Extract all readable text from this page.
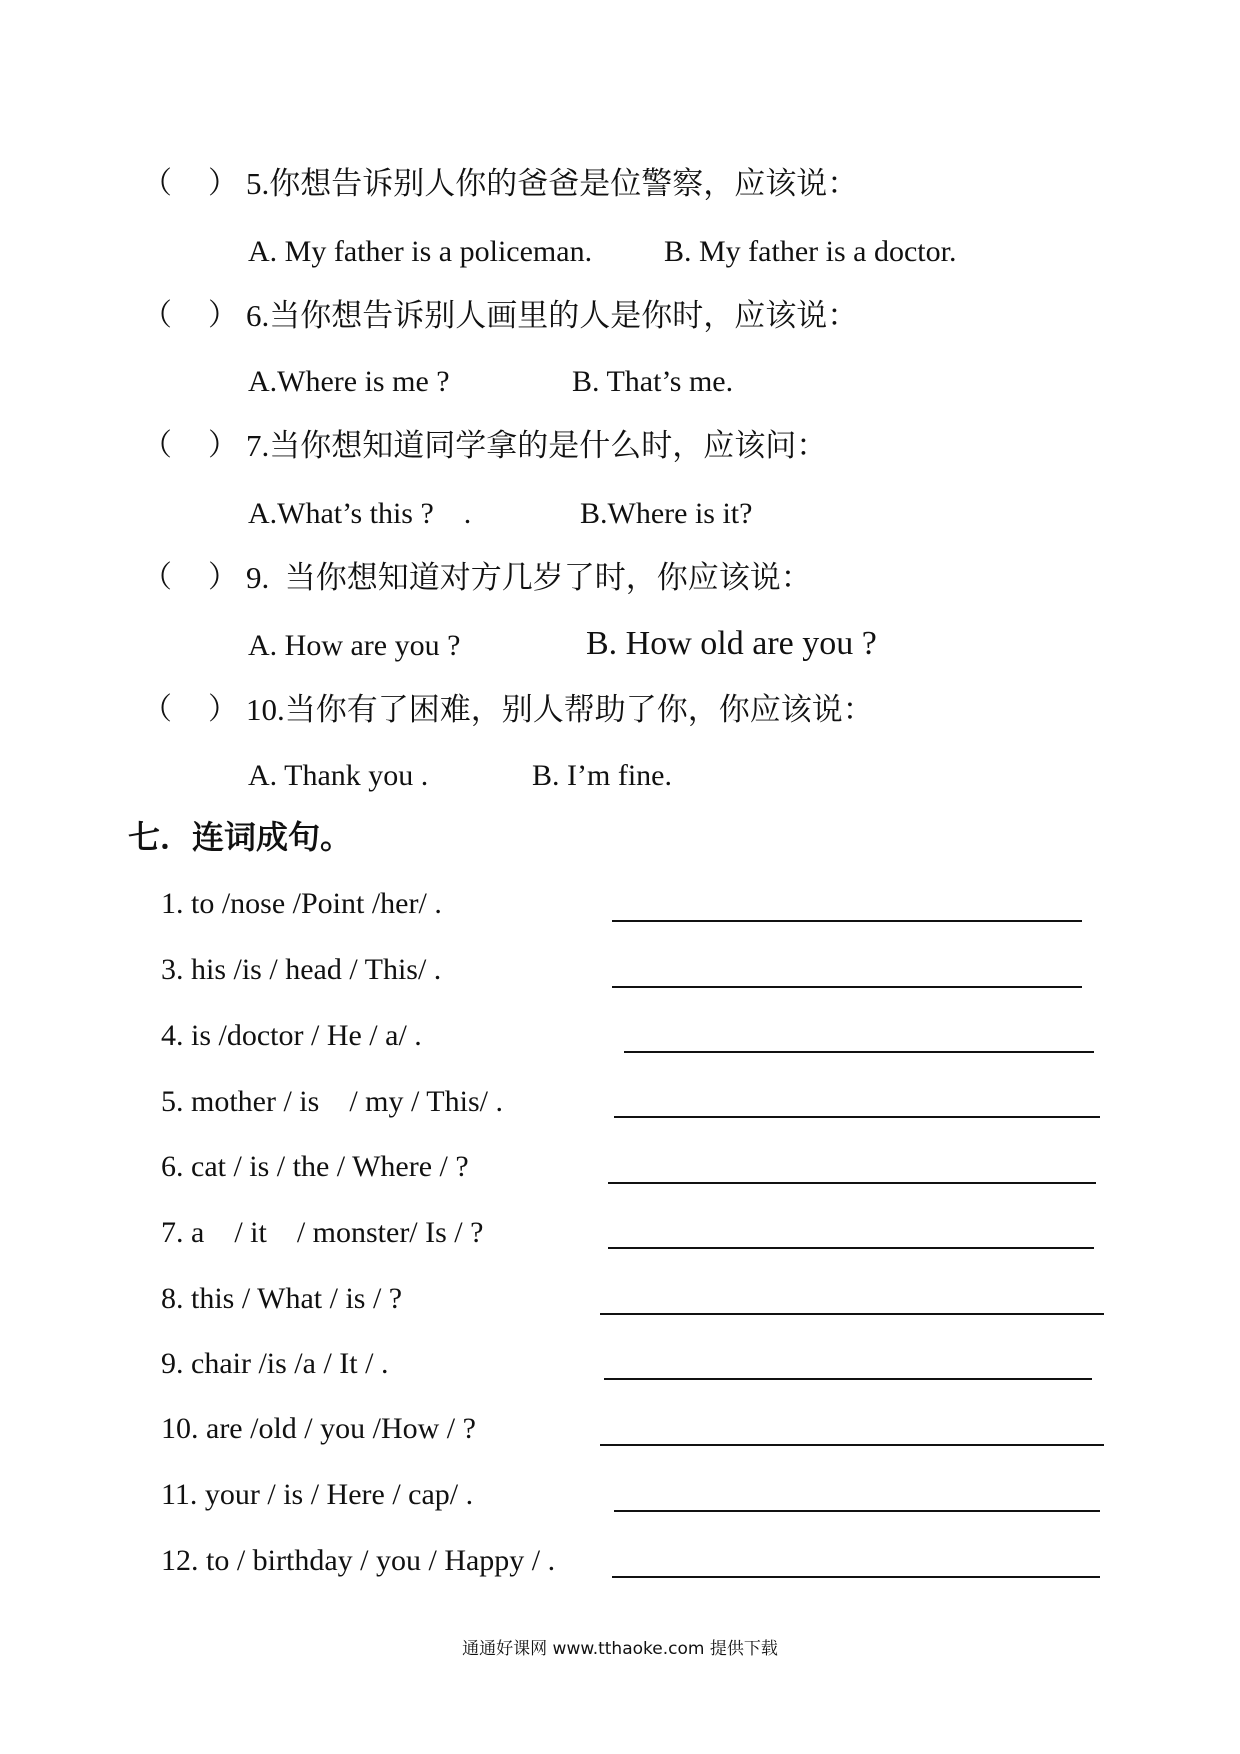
（ ） 5.你想告诉别人你的爸爸是位警察，应该说：
A. My father is a policeman. B. My father is a doctor.
（ ） 6.当你想告诉别人画里的人是你时，应该说：
A.Where is me ?	B. That’s me.
（ ） 7.当你想知道同学拿的是什么时，应该问：
A.What’s this ?    .	B.Where is it?
（ ） 9.  当你想知道对方几岁了时，你应该说：
A. How are you ?	B. How old are you ?
（ ） 10.当你有了困难，别人帮助了你，你应该说：
A. Thank you .	B. I’m fine.
七．连词成句。
1. to /nose /Point /her/ .
3. his /is / head / This/ .
4. is /doctor / He / a/ .
5. mother / is    / my / This/ .
6. cat / is / the / Where / ?
7. a    / it    / monster/ Is / ?
8. this / What / is / ?
9. chair /is /a / It / .
10. are /old / you /How / ?
11. your / is / Here / cap/ .
12. to / birthday / you / Happy / .
通通好课网 www.tthaoke.com 提供下载
